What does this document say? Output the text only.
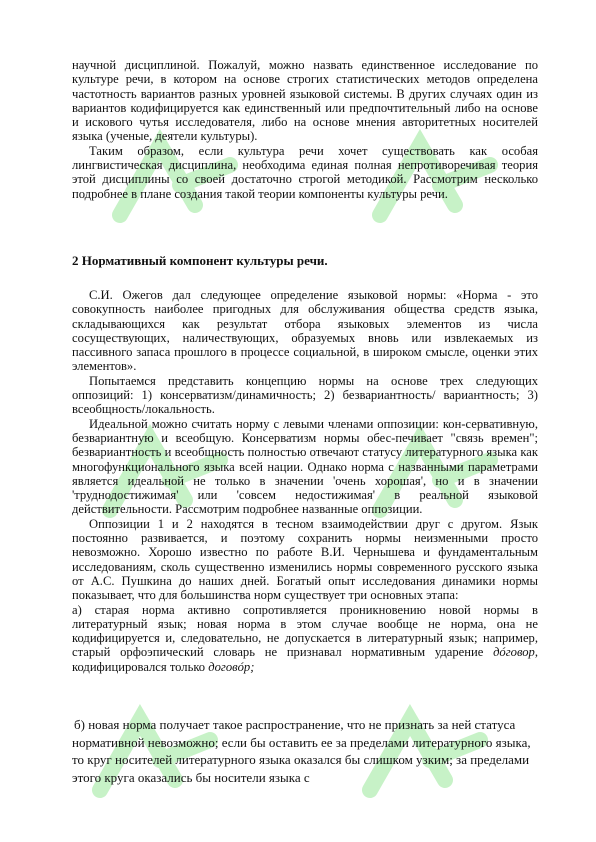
научной дисциплиной. Пожалуй, можно назвать единственное исследование по культуре речи, в котором на основе строгих статистических методов определена частотность вариантов разных уровней языковой системы. В других случаях один из вариантов кодифицируется как единственный или предпочтительный либо на основе и искового чутья исследователя, либо на основе мнения авторитетных носителей языка (ученые, деятели культуры).

Таким образом, если культура речи хочет существовать как особая лингвистическая дисциплина, необходима единая полная непротиворечивая теория этой дисциплины со своей достаточно строгой методикой. Рассмотрим несколько подробнее в плане создания такой теории компоненты культуры речи.

2 Нормативный компонент культуры речи.

С.И. Ожегов дал следующее определение языковой нормы: «Норма - это совокупность наиболее пригодных для обслуживания общества средств языка, складывающихся как результат отбора языковых элементов из числа сосуществующих, наличествующих, образуемых вновь или извлекаемых из пассивного запаса прошлого в процессе социальной, в широком смысле, оценки этих элементов».

Попытаемся представить концепцию нормы на основе трех следующих оппозиций: 1) консерватизм/динамичность; 2) безвариантность/ вариантность; 3) всеобщность/локальность.

Идеальной можно считать норму с левыми членами оппозиции: кон-сервативную, безвариантную и всеобщую. Консерватизм нормы обес-печивает "связь времен"; безвариантность и всеобщность полностью отвечают статусу литературного языка как многофункционального языка всей нации. Однако норма с названными параметрами является идеальной не только в значении 'очень хорошая', но и в значении 'труднодостижимая' или 'совсем недостижимая' в реальной языковой действительности. Рассмотрим подробнее названные оппозиции.

Оппозиции 1 и 2 находятся в тесном взаимодействии друг с другом. Язык постоянно развивается, и поэтому сохранить нормы неизменными просто невозможно. Хорошо известно по работе В.И. Чернышева и фундаментальным исследованиям, сколь существенно изменились нормы современного русского языка от А.С. Пушкина до наших дней. Богатый опыт исследования динамики нормы показывает, что для большинства норм существует три основных этапа:

а) старая норма активно сопротивляется проникновению новой нормы в литературный язык; новая норма в этом случае вообще не норма, она не кодифицируется и, следовательно, не допускается в литературный язык; например, старый орфоэпический словарь не признавал нормативным ударение дóговор, кодифицировался только договóр;

б) новая норма получает такое распространение, что не признать за ней статуса нормативной невозможно; если бы оставить ее за пределами литературного языка, то круг носителей литературного языка оказался бы слишком узким; за пределами этого круга оказались бы носители языка с
